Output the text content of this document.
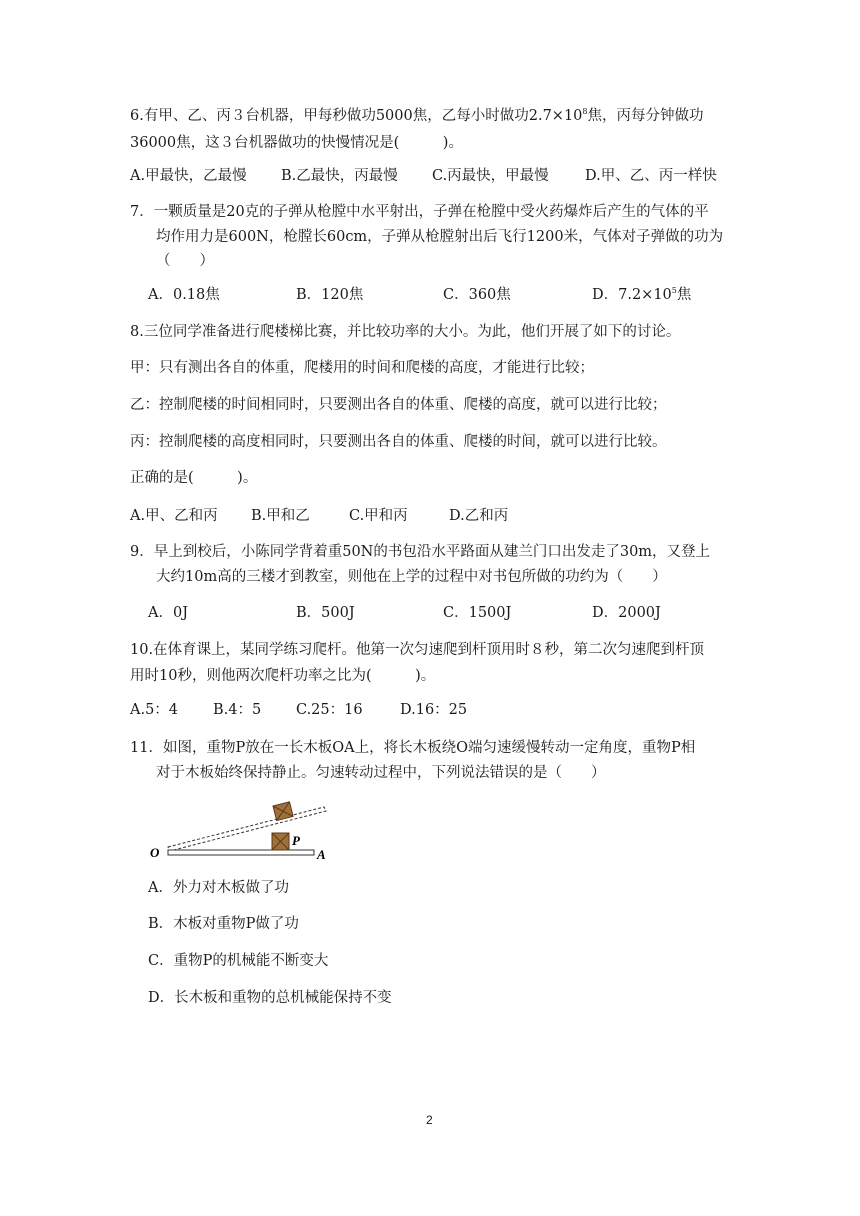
6.有甲、乙、丙３台机器，甲每秒做功5000焦，乙每小时做功$2.7\times 10^8$焦，丙每分钟做功
36000焦，这３台机器做功的快慢情况是(　　　)。
A.甲最快，乙最慢 B.乙最快，丙最慢 C.丙最快，甲最慢	D.甲、乙、丙一样快
7．一颗质量是20克的子弹从枪膛中水平射出，子弹在枪膛中受火药爆炸后产生的气体的平
均作用力是600N，枪膛长60cm，子弹从枪膛射出后飞行1200米，气体对子弹做的功为
（　　）
A．0.18焦	B．120焦	C．360焦	D．$7.2\times 10^5$焦
8.三位同学准备进行爬楼梯比赛，并比较功率的大小。为此，他们开展了如下的讨论。
甲：只有测出各自的体重，爬楼用的时间和爬楼的高度，才能进行比较；
乙：控制爬楼的时间相同时，只要测出各自的体重、爬楼的高度，就可以进行比较；
丙：控制爬楼的高度相同时，只要测出各自的体重、爬楼的时间，就可以进行比较。
正确的是(　　　)。
A.甲、乙和丙 B.甲和乙	C.甲和丙	D.乙和丙
9．早上到校后，小陈同学背着重50N的书包沿水平路面从建兰门口出发走了30m，又登上
大约10m高的三楼才到教室，则他在上学的过程中对书包所做的功约为（　　）
A．0J	B．500J	C．1500J	D．2000J
10.在体育课上，某同学练习爬杆。他第一次匀速爬到杆顶用时８秒，第二次匀速爬到杆顶
用时10秒，则他两次爬杆功率之比为(　　　)。
A.5：4 B.4：5 C.25：16	D.16：25
11．如图，重物P放在一长木板OA上，将长木板绕O端匀速缓慢转动一定角度，重物P相
对于木板始终保持静止。匀速转动过程中，下列说法错误的是（　　）
O
P
A
A．外力对木板做了功
B．木板对重物P做了功
C．重物P的机械能不断变大
D．长木板和重物的总机械能保持不变
2
